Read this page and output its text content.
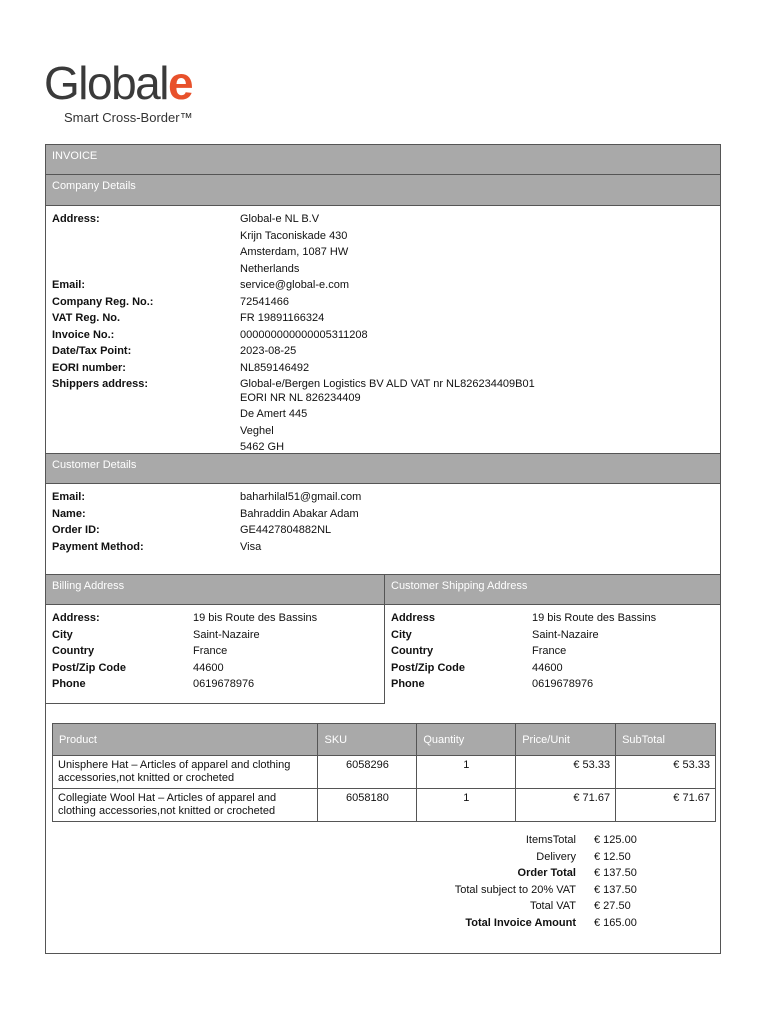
Globale
Smart Cross-Border™
INVOICE
Company Details
Address:	Global-e NL B.V
Krijn Taconiskade 430
Amsterdam, 1087 HW
Netherlands
Email:	service@global-e.com
Company Reg. No.:	72541466
VAT Reg. No.	FR 19891166324
Invoice No.:	000000000000005311208
Date/Tax Point:	2023-08-25
EORI number:	NL859146492
Shippers address:	Global-e/Bergen Logistics BV ALD VAT nr NL826234409B01
EORI NR NL 826234409
De Amert 445
Veghel
5462 GH
Customer Details
Email:	baharhilal51@gmail.com
Name:	Bahraddin Abakar Adam
Order ID:	GE4427804882NL
Payment Method:	Visa
Billing Address
Address:	19 bis Route des Bassins
City	Saint-Nazaire
Country	France
Post/Zip Code	44600
Phone	0619678976
Customer Shipping Address
Address	19 bis Route des Bassins
City	Saint-Nazaire
Country	France
Post/Zip Code	44600
Phone	0619678976
Product	SKU	Quantity	Price/Unit	SubTotal
Unisphere Hat – Articles of apparel and clothing accessories,not knitted or crocheted	6058296	1	€ 53.33	€ 53.33
Collegiate Wool Hat – Articles of apparel and clothing accessories,not knitted or crocheted	6058180	1	€ 71.67	€ 71.67
ItemsTotal	€ 125.00
Delivery	€ 12.50
Order Total	€ 137.50
Total subject to 20% VAT	€ 137.50
Total VAT	€ 27.50
Total Invoice Amount	€ 165.00
